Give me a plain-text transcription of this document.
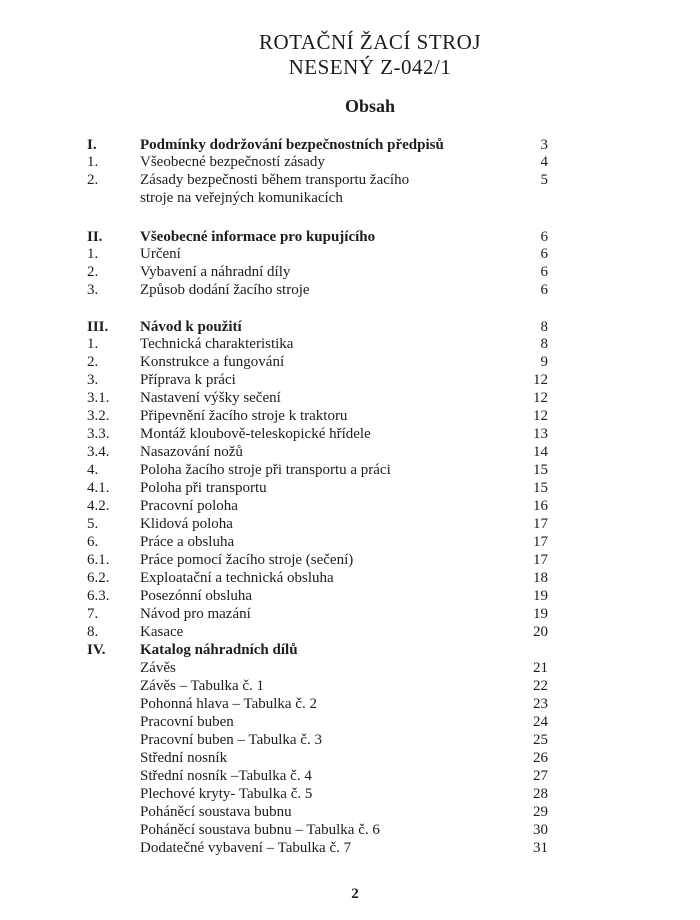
ROTAČNÍ ŽACÍ STROJ
NESENÝ Z-042/1
Obsah
I.	Podmínky dodržování bezpečnostních předpisů	3
1.	Všeobecné bezpečností zásady	4
2.	Zásady bezpečnosti během transportu žacího	5
stroje na veřejných komunikacích
II.	Všeobecné informace pro kupujícího	6
1.	Určení	6
2.	Vybavení a náhradní díly	6
3.	Způsob dodání žacího stroje	6
III. Návod k použití	8
1.	Technická charakteristika	8
2.	Konstrukce a fungování	9
3.	Příprava k práci	12
3.1. Nastavení výšky sečení	12
3.2. Připevnění žacího stroje k traktoru	12
3.3. Montáž kloubově-teleskopické hřídele	13
3.4. Nasazování nožů	14
4.	Poloha žacího stroje při transportu a práci	15
4.1. Poloha při transportu	15
4.2. Pracovní poloha	16
5.	Klidová poloha	17
6.	Práce a obsluha	17
6.1. Práce pomocí žacího stroje (sečení)	17
6.2. Exploatační a technická obsluha	18
6.3. Posezónní obsluha	19
7.	Návod pro mazání	19
8.	Kasace	20
IV. Katalog náhradních dílů
Závěs	21
Závěs – Tabulka č. 1	22
Pohonná hlava – Tabulka č. 2	23
Pracovní buben	24
Pracovní buben – Tabulka č. 3	25
Střední nosník	26
Střední nosník –Tabulka č. 4	27
Plechové kryty- Tabulka č. 5	28
Poháněcí soustava bubnu	29
Poháněcí soustava bubnu – Tabulka č. 6	30
Dodatečné vybavení – Tabulka č. 7	31
2
